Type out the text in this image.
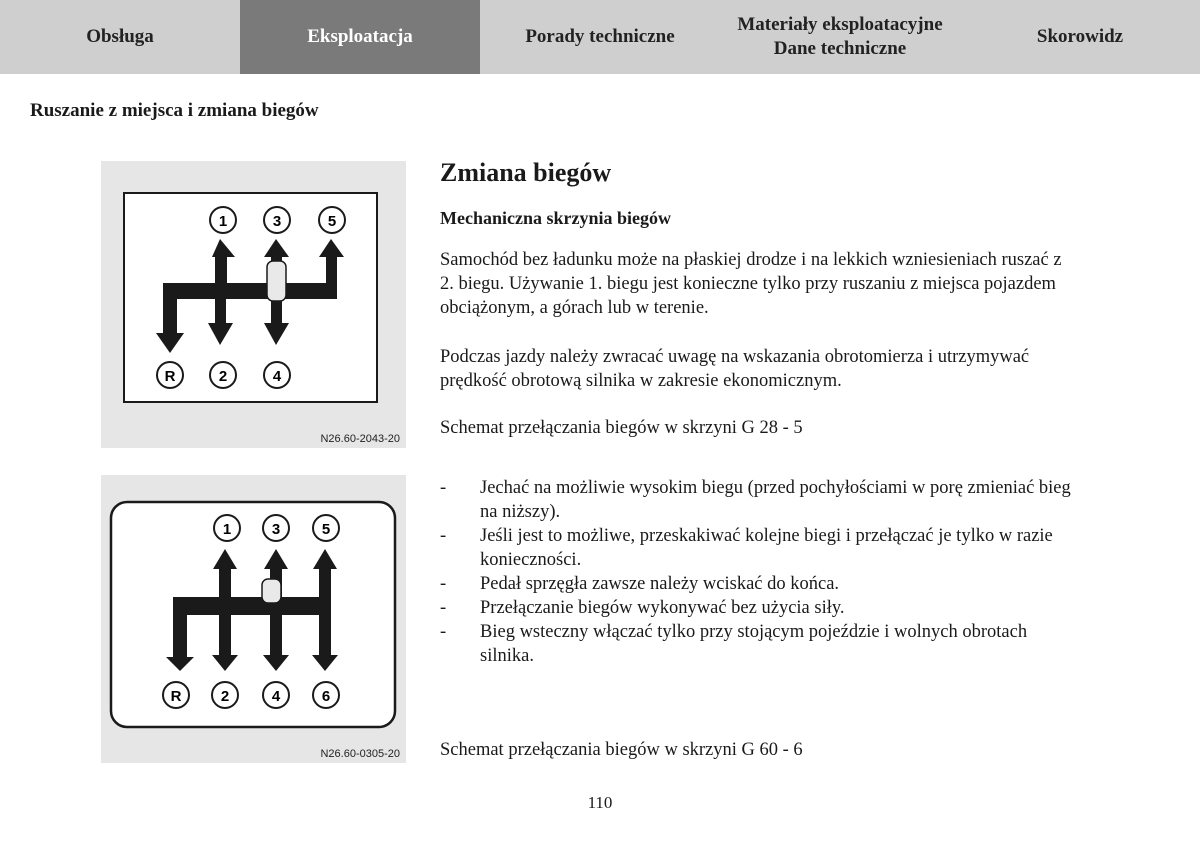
Obsługa	Eksploatacja	Porady techniczne
Materiały eksploatacyjne
Dane techniczne
Skorowidz
Ruszanie z miejsca i zmiana biegów
1	3	5
R	2	4
N26.60-2043-20
1	3	5
R	2	4	6
N26.60-0305-20
Zmiana biegów
Mechaniczna skrzynia biegów
Samochód bez ładunku może na płaskiej drodze i na lekkich wzniesieniach ruszać z 2. biegu. Używanie 1. biegu jest konieczne tylko przy ruszaniu z miejsca pojazdem obciążonym, a górach lub w terenie.
Podczas jazdy należy zwracać uwagę na wskazania obrotomierza i utrzymywać prędkość obrotową silnika w zakresie ekonomicznym.
Schemat przełączania biegów w skrzyni G 28 - 5
- Jechać na możliwie wysokim biegu (przed pochyłościami w porę zmieniać bieg na niższy).
- Jeśli jest to możliwe, przeskakiwać kolejne biegi i przełączać je tylko w razie konieczności.
- Pedał sprzęgła zawsze należy wciskać do końca.
- Przełączanie biegów wykonywać bez użycia siły.
- Bieg wsteczny włączać tylko przy stojącym pojeździe i wolnych obrotach silnika.
Schemat przełączania biegów w skrzyni G 60 - 6
110
